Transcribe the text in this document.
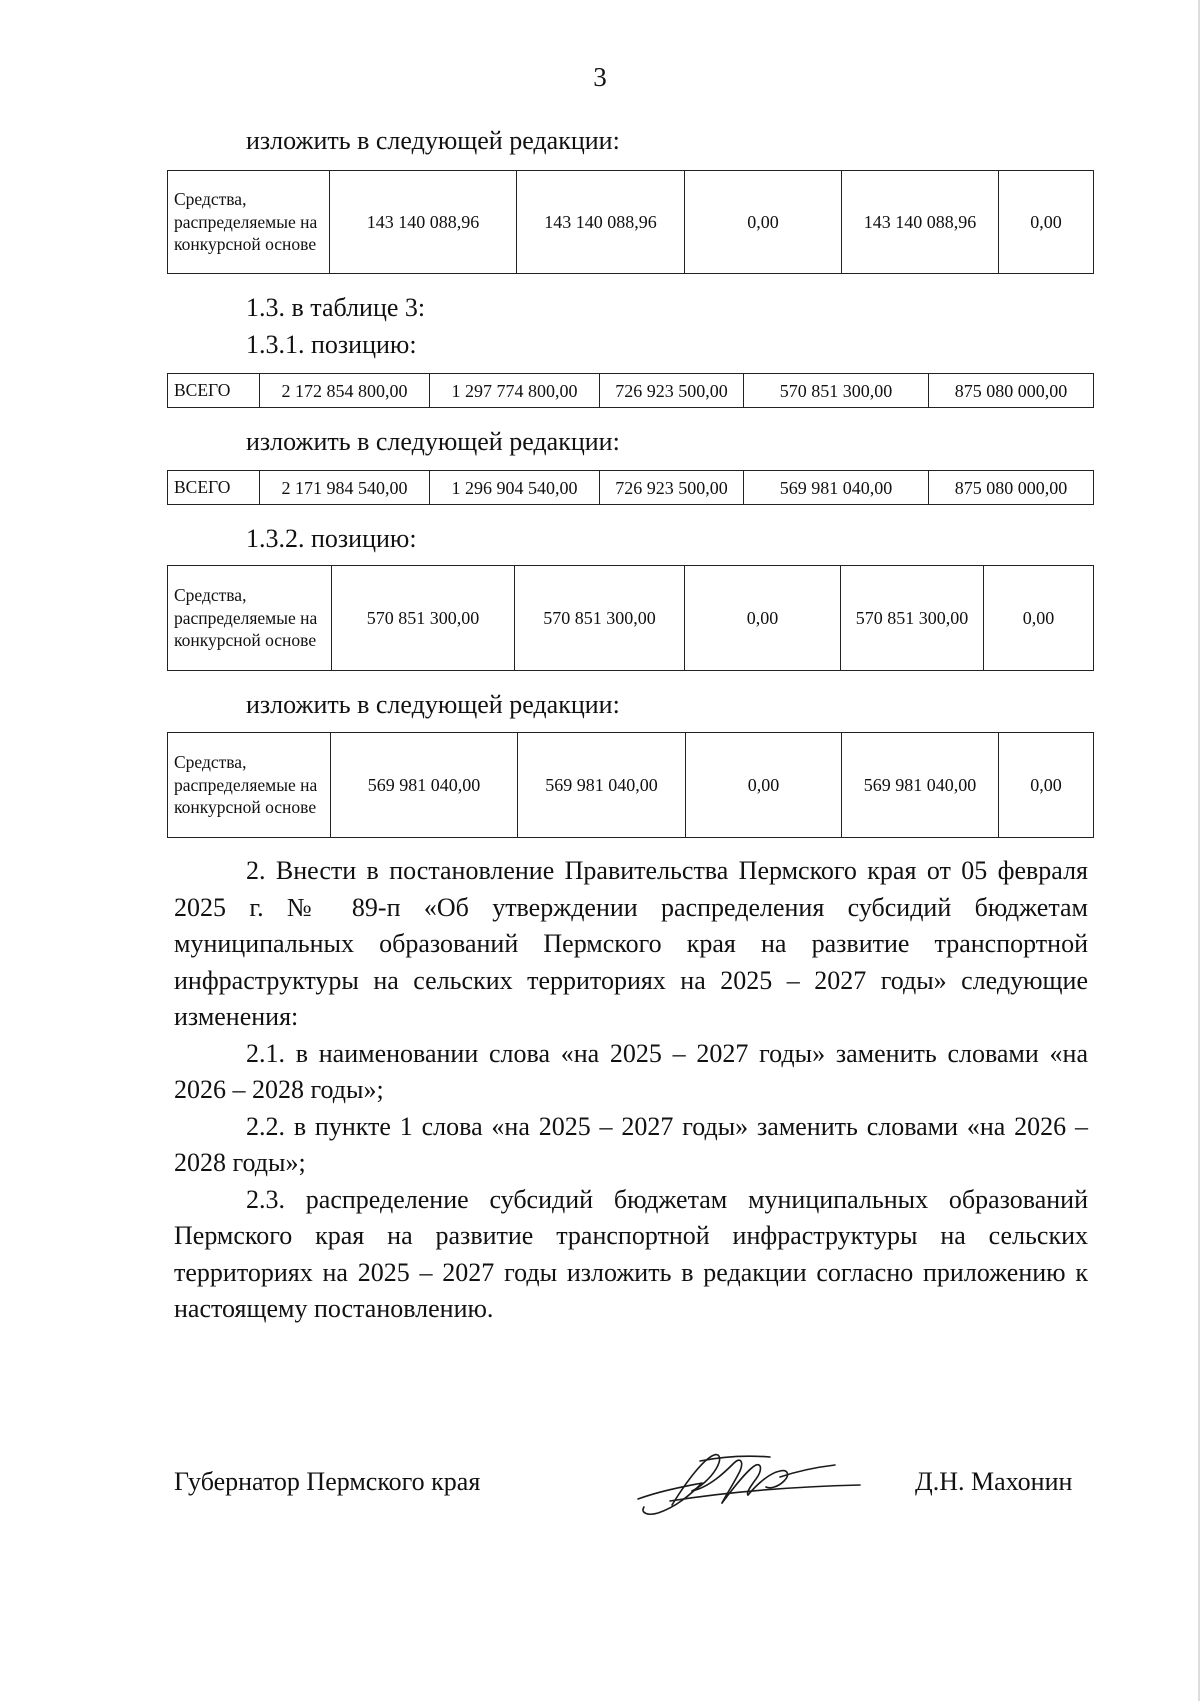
3
изложить в следующей редакции:
Средства, распределяемые на конкурсной основе	143 140 088,96	143 140 088,96	0,00	143 140 088,96	0,00
1.3. в таблице 3:
1.3.1. позицию:
ВСЕГО	2 172 854 800,00	1 297 774 800,00	726 923 500,00	570 851 300,00	875 080 000,00
изложить в следующей редакции:
ВСЕГО	2 171 984 540,00	1 296 904 540,00	726 923 500,00	569 981 040,00	875 080 000,00
1.3.2. позицию:
Средства, распределяемые на конкурсной основе	570 851 300,00	570 851 300,00	0,00	570 851 300,00	0,00
изложить в следующей редакции:
Средства, распределяемые на конкурсной основе	569 981 040,00	569 981 040,00	0,00	569 981 040,00	0,00

2. Внести в постановление Правительства Пермского края от 05 февраля 2025 г. № 89-п «Об утверждении распределения субсидий бюджетам муниципальных образований Пермского края на развитие транспортной инфраструктуры на сельских территориях на 2025 – 2027 годы» следующие изменения:

2.1. в наименовании слова «на 2025 – 2027 годы» заменить словами «на 2026 – 2028 годы»;

2.2. в пункте 1 слова «на 2025 – 2027 годы» заменить словами «на 2026 – 2028 годы»;

2.3. распределение субсидий бюджетам муниципальных образований Пермского края на развитие транспортной инфраструктуры на сельских территориях на 2025 – 2027 годы изложить в редакции согласно приложению к настоящему постановлению.

Губернатор Пермского края	Д.Н. Махонин
